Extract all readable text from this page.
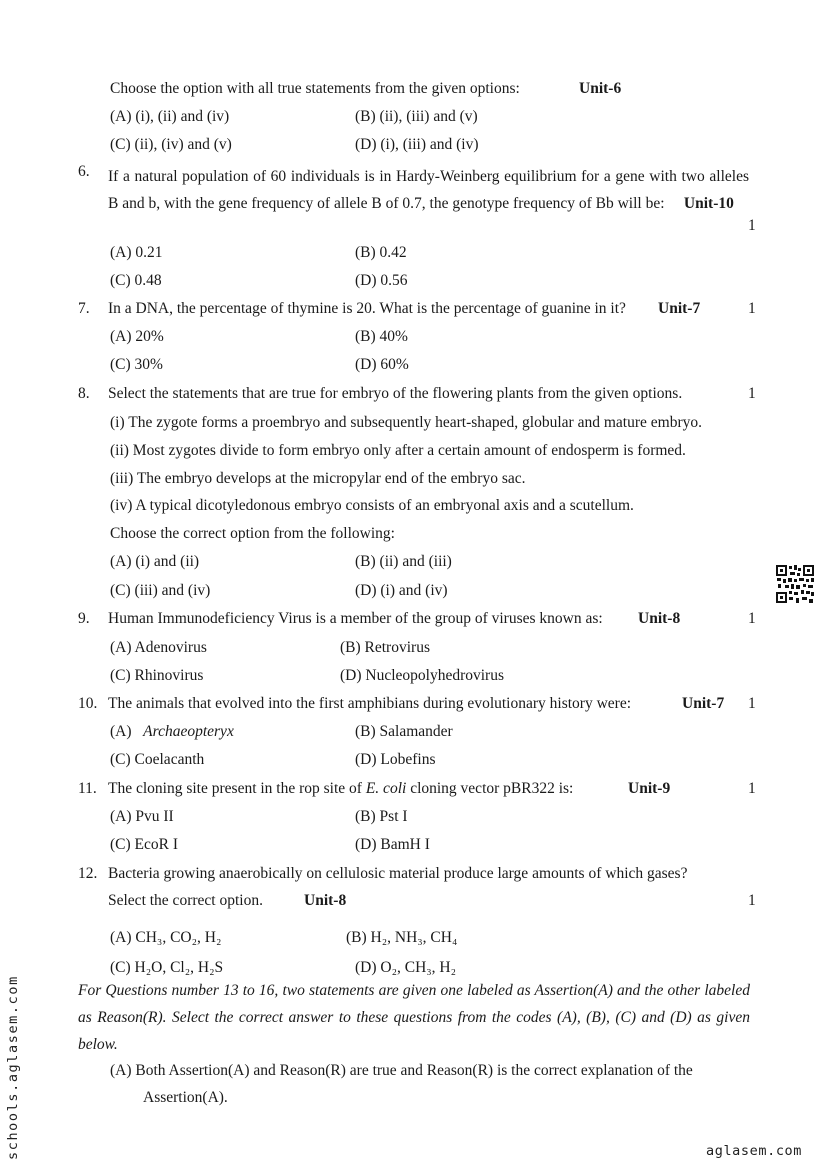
Choose the option with all true statements from the given options:	Unit-6
(A) (i), (ii) and (iv)	(B) (ii), (iii) and (v)
(C) (ii), (iv) and (v)	(D) (i), (iii) and (iv)
6. If a natural population of 60 individuals is in Hardy-Weinberg equilibrium for a gene with two alleles B and b, with the gene frequency of allele B of 0.7, the genotype frequency of Bb will be: Unit-10
1
(A) 0.21	(B) 0.42
(C) 0.48	(D) 0.56
7. In a DNA, the percentage of thymine is 20. What is the percentage of guanine in it? Unit-7	1
(A) 20%	(B) 40%
(C) 30%	(D) 60%
8. Select the statements that are true for embryo of the flowering plants from the given options.	1
(i) The zygote forms a proembryo and subsequently heart-shaped, globular and mature embryo.
(ii) Most zygotes divide to form embryo only after a certain amount of endosperm is formed.
(iii) The embryo develops at the micropylar end of the embryo sac.
(iv) A typical dicotyledonous embryo consists of an embryonal axis and a scutellum.
Choose the correct option from the following:
(A) (i) and (ii)	(B) (ii) and (iii)
(C) (iii) and (iv)	(D) (i) and (iv)
9. Human Immunodeficiency Virus is a member of the group of viruses known as: Unit-8	1
(A) Adenovirus	(B) Retrovirus
(C) Rhinovirus	(D) Nucleopolyhedrovirus
10. The animals that evolved into the first amphibians during evolutionary history were:	Unit-7 1
(A) Archaeopteryx	(B) Salamander
(C) Coelacanth	(D) Lobefins
11. The cloning site present in the rop site of E. coli cloning vector pBR322 is:	Unit-9	1
(A) Pvu II	(B) Pst I
(C) EcoR I	(D) BamH I
12. Bacteria growing anaerobically on cellulosic material produce large amounts of which gases?
Select the correct option.	Unit-8	1
(A) CH₃, CO₂, H₂	(B) H₂, NH₃, CH₄
(C) H₂O, Cl₂, H₂S	(D) O₂, CH₃, H₂
For Questions number 13 to 16, two statements are given one labeled as Assertion(A) and the other labeled as Reason(R). Select the correct answer to these questions from the codes (A), (B), (C) and (D) as given below.
(A) Both Assertion(A) and Reason(R) are true and Reason(R) is the correct explanation of the
Assertion(A).
schools.aglasem.com	aglasem.com
